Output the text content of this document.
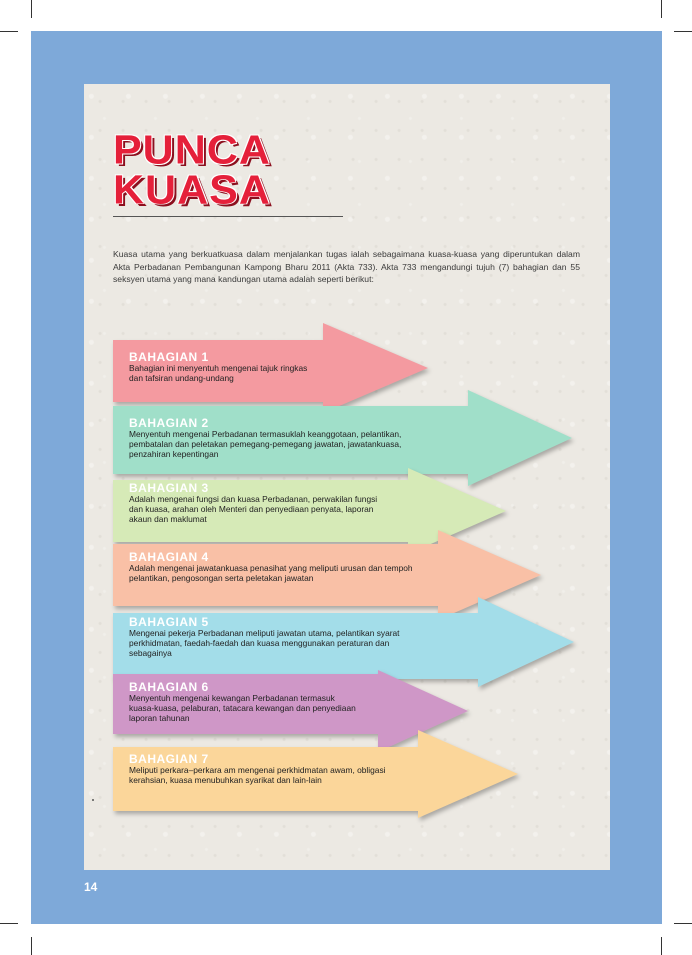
PUNCA
KUASA

Kuasa utama yang berkuatkuasa dalam menjalankan tugas ialah sebagaimana kuasa-kuasa yang diperuntukan dalam Akta Perbadanan Pembangunan Kampong Bharu 2011 (Akta 733). Akta 733 mengandungi tujuh (7) bahagian dan 55 seksyen utama yang mana kandungan utama adalah seperti berikut:

BAHAGIAN 1

Bahagian ini menyentuh mengenai tajuk ringkas

dan tafsiran undang-undang

BAHAGIAN 2

Menyentuh mengenai Perbadanan termasuklah keanggotaan, pelantikan,

pembatalan dan peletakan pemegang-pemegang jawatan, jawatankuasa,

penzahiran kepentingan

BAHAGIAN 3

Adalah mengenai fungsi dan kuasa Perbadanan, perwakilan fungsi

dan kuasa, arahan oleh Menteri dan penyediaan penyata, laporan

akaun dan maklumat

BAHAGIAN 4

Adalah mengenai jawatankuasa penasihat yang meliputi urusan dan tempoh

pelantikan, pengosongan serta peletakan jawatan

BAHAGIAN 5

Mengenai pekerja Perbadanan meliputi jawatan utama, pelantikan syarat

perkhidmatan, faedah-faedah dan kuasa menggunakan peraturan dan

sebagainya

BAHAGIAN 6

Menyentuh mengenai kewangan Perbadanan termasuk

kuasa-kuasa, pelaburan, tatacara kewangan dan penyediaan

laporan tahunan

BAHAGIAN 7

Meliputi perkara–perkara am mengenai perkhidmatan awam, obligasi

kerahsian, kuasa menubuhkan syarikat dan lain-lain

14
